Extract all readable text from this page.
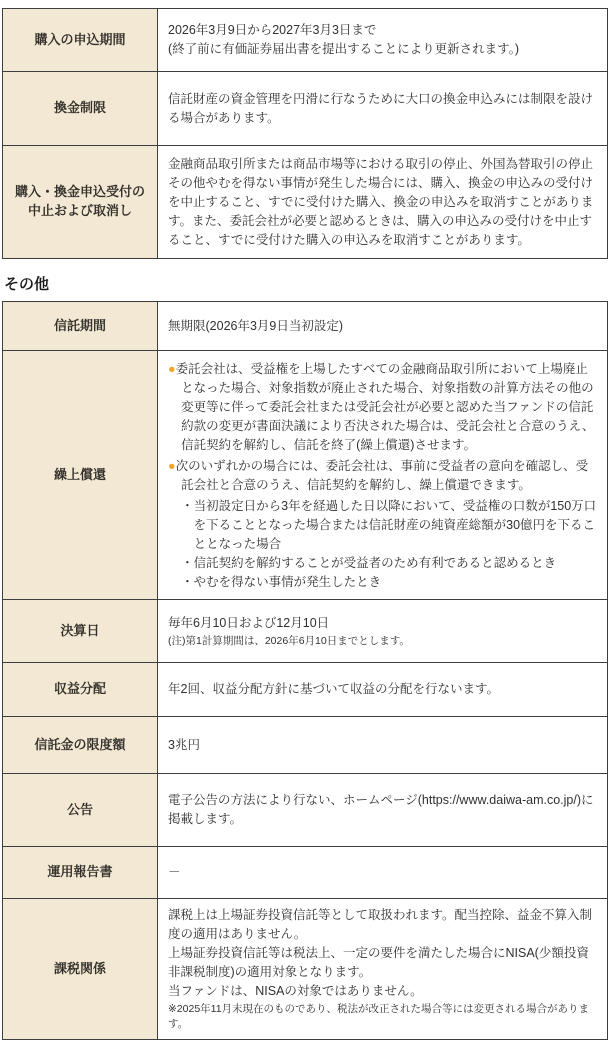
購入の申込期間	2026年3月9日から2027年3月3日まで
(終了前に有価証券届出書を提出することにより更新されます。)

換金制限	信託財産の資金管理を円滑に行なうために大口の換金申込みには制限を設ける場合があります。
購入・換金申込受付の中止および取消し	金融商品取引所または商品市場等における取引の停止、外国為替取引の停止その他やむを得ない事情が発生した場合には、購入、換金の申込みの受付けを中止すること、すでに受付けた購入、換金の申込みを取消すことがあります。また、委託会社が必要と認めるときは、購入の申込みの受付けを中止すること、すでに受付けた購入の申込みを取消すことがあります。
その他
信託期間	無期限(2026年3月9日当初設定)
繰上償還	●委託会社は、受益権を上場したすべての金融商品取引所において上場廃止となった場合、対象指数が廃止された場合、対象指数の計算方法その他の変更等に伴って委託会社または受託会社が必要と認めた当ファンドの信託約款の変更が書面決議により否決された場合は、受託会社と合意のうえ、信託契約を解約し、信託を終了(繰上償還)させます。
●次のいずれかの場合には、委託会社は、事前に受益者の意向を確認し、受託会社と合意のうえ、信託契約を解約し、繰上償還できます。
・当初設定日から3年を経過した日以降において、受益権の口数が150万口を下ることとなった場合または信託財産の純資産総額が30億円を下ることとなった場合
・信託契約を解約することが受益者のため有利であると認めるとき
・やむを得ない事情が発生したとき

決算日	毎年6月10日および12月10日
(注)第1計算期間は、2026年6月10日までとします。

収益分配	年2回、収益分配方針に基づいて収益の分配を行ないます。
信託金の限度額	3兆円
公告	電子公告の方法により行ない、ホームページ(https://www.daiwa-am.co.jp/)に掲載します。
運用報告書	－
課税関係	課税上は上場証券投資信託等として取扱われます。配当控除、益金不算入制度の適用はありません。
上場証券投資信託等は税法上、一定の要件を満たした場合にNISA(少額投資非課税制度)の適用対象となります。
当ファンドは、NISAの対象ではありません。
※2025年11月末現在のものであり、税法が改正された場合等には変更される場合があります。
